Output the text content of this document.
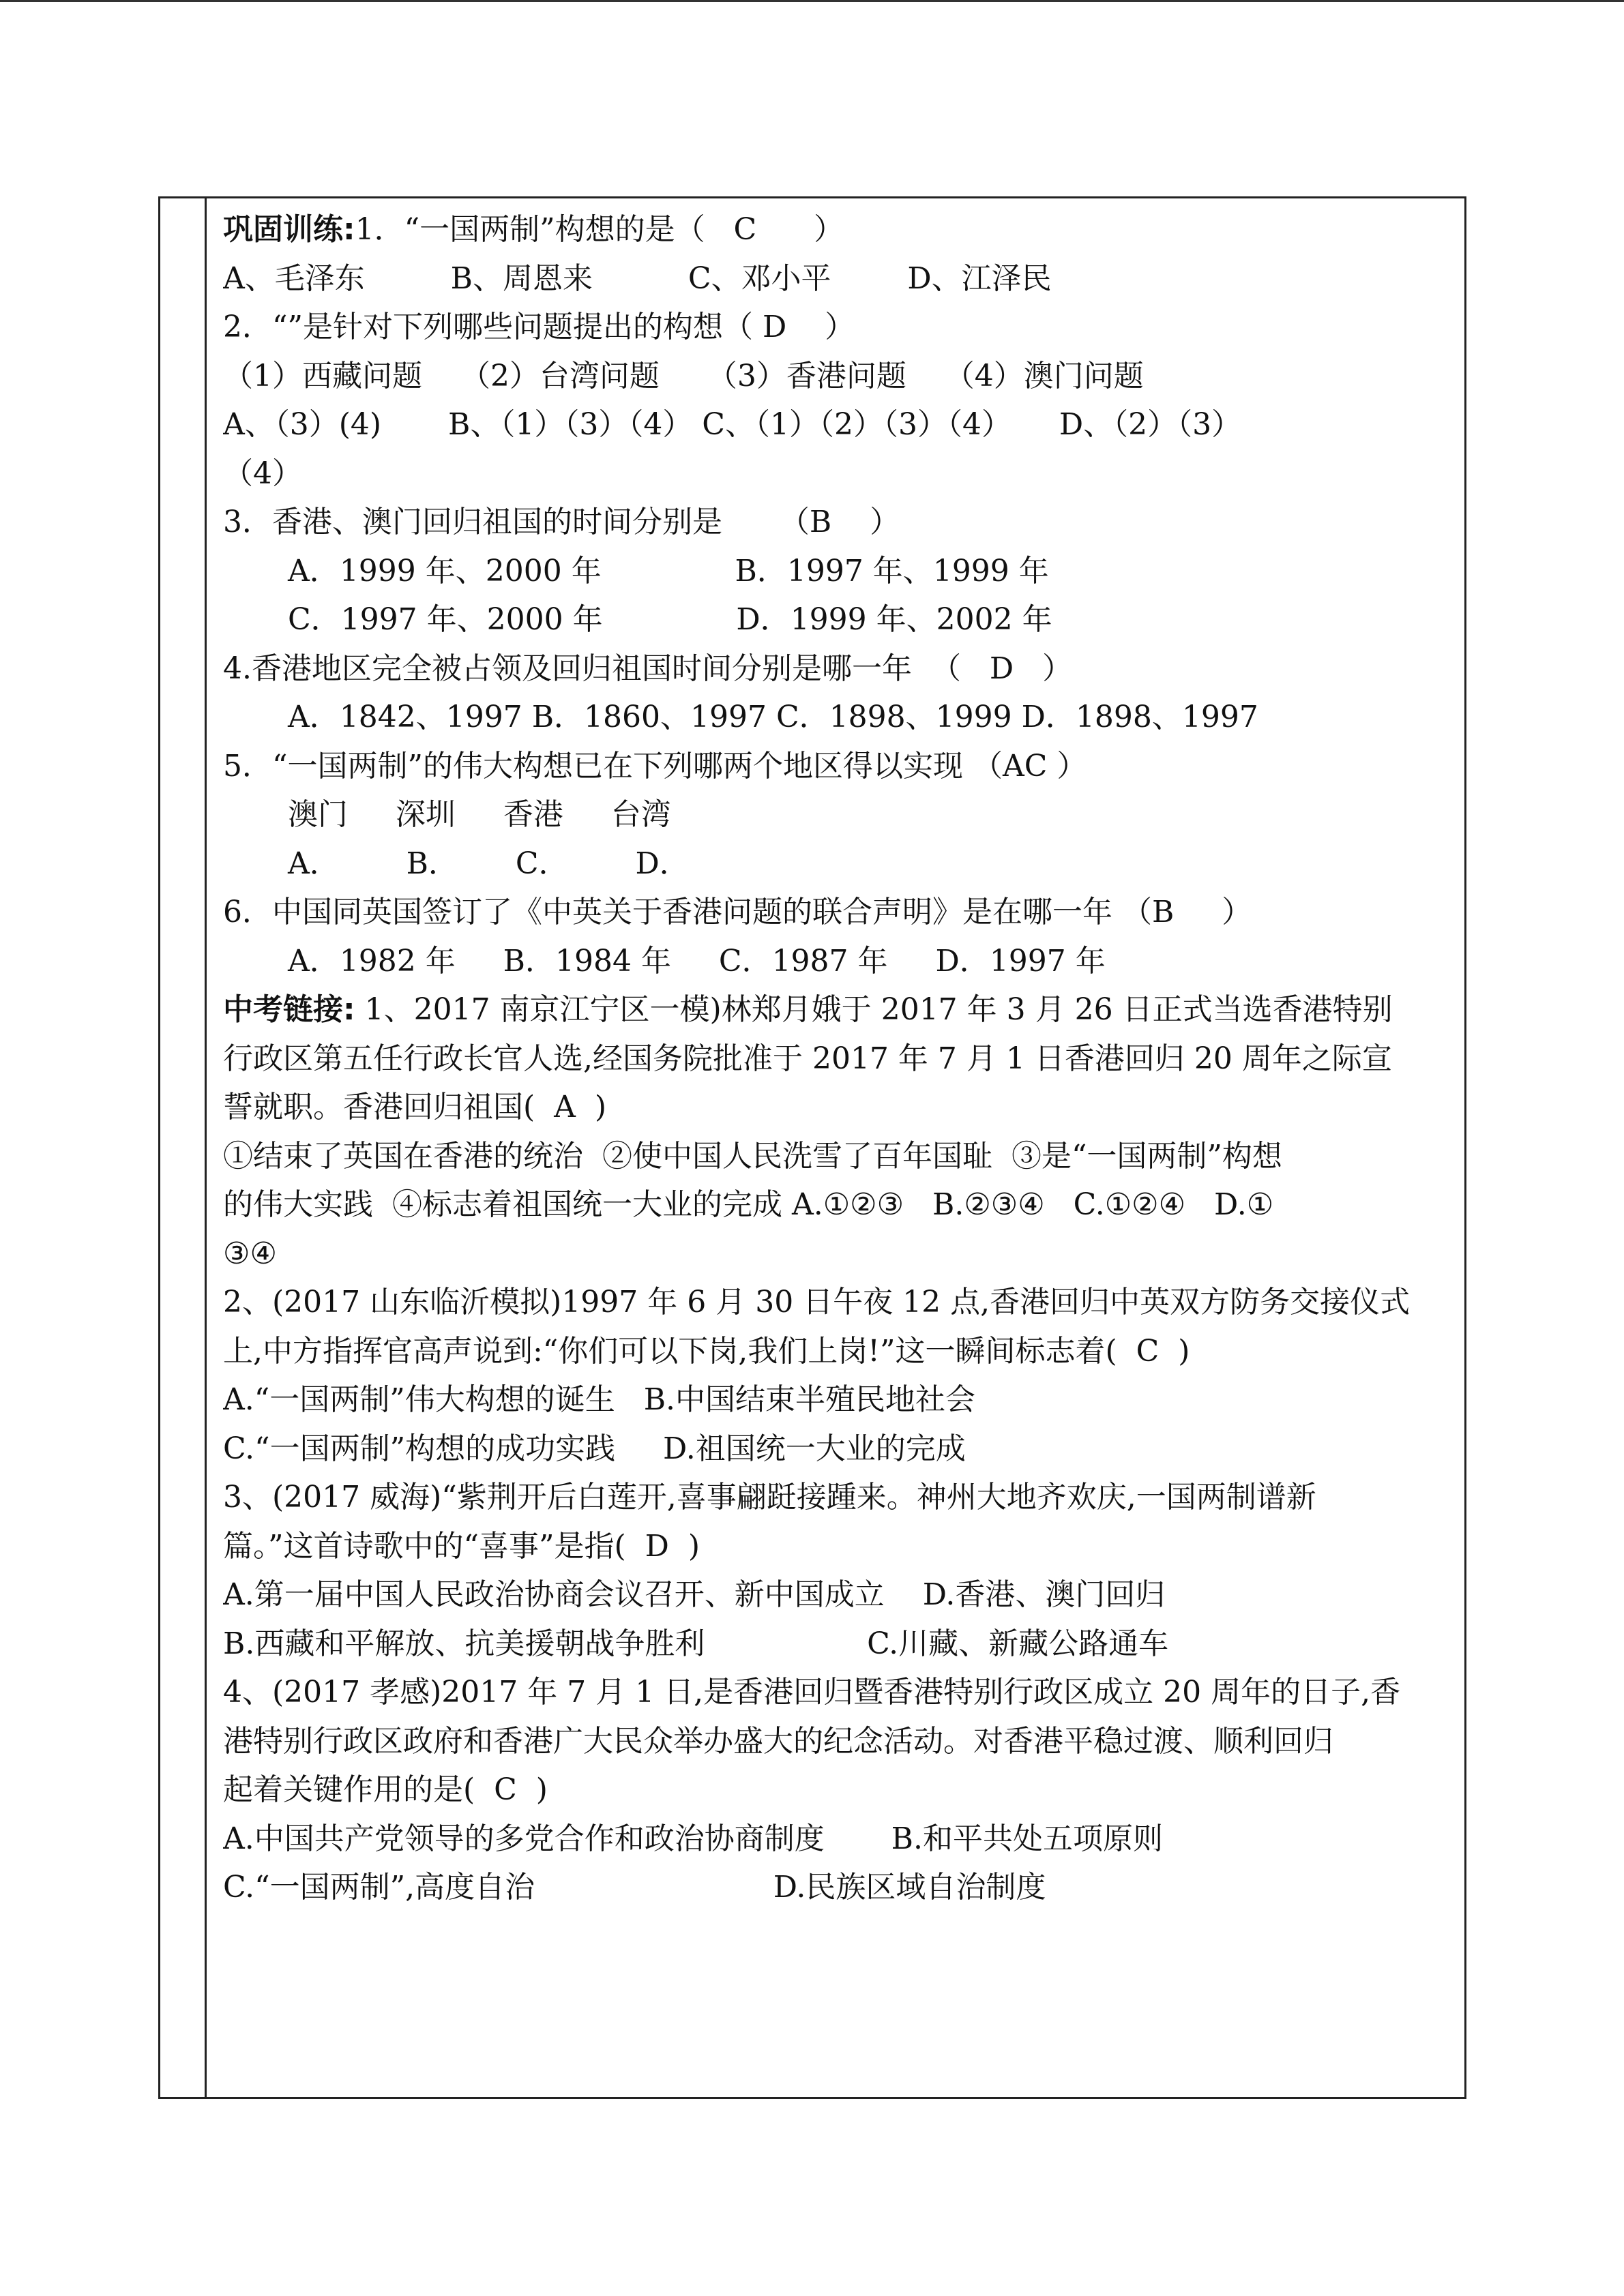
巩固训练:1．“一国两制”构想的是（   C      ）
A、毛泽东         B、周恩来          C、邓小平        D、江泽民
2．“”是针对下列哪些问题提出的构想（ D    ）
（1）西藏问题    （2）台湾问题     （3）香港问题    （4）澳门问题
A、（3）(4)       B、（1）（3）（4） C、（1）（2）（3）（4）     D、（2）（3）
（4）
3．香港、澳门回归祖国的时间分别是      （B    ）
A．1999 年、2000 年              B．1997 年、1999 年
C．1997 年、2000 年              D．1999 年、2002 年
4.香港地区完全被占领及回归祖国时间分别是哪一年  （   D   ）
A．1842、1997 B．1860、1997 C．1898、1999 D．1898、1997
5．“一国两制”的伟大构想已在下列哪两个地区得以实现 （AC ）
澳门     深圳     香港     台湾
A．       B．      C．       D．
6．中国同英国签订了《中英关于香港问题的联合声明》是在哪一年 （B     ）
A．1982 年     B．1984 年     C．1987 年     D．1997 年
中考链接: 1、2017 南京江宁区一模)林郑月娥于 2017 年 3 月 26 日正式当选香港特别
行政区第五任行政长官人选,经国务院批准于 2017 年 7 月 1 日香港回归 20 周年之际宣
誓就职。香港回归祖国(  A  )
①结束了英国在香港的统治  ②使中国人民洗雪了百年国耻  ③是“一国两制”构想
的伟大实践  ④标志着祖国统一大业的完成 A.①②③   B.②③④   C.①②④   D.①
③④
2、(2017 山东临沂模拟)1997 年 6 月 30 日午夜 12 点,香港回归中英双方防务交接仪式
上,中方指挥官高声说到:“你们可以下岗,我们上岗!”这一瞬间标志着(  C  )
A.“一国两制”伟大构想的诞生   B.中国结束半殖民地社会
C.“一国两制”构想的成功实践     D.祖国统一大业的完成
3、(2017 威海)“紫荆开后白莲开,喜事翩跹接踵来。神州大地齐欢庆,一国两制谱新
篇。”这首诗歌中的“喜事”是指(  D  )
A.第一届中国人民政治协商会议召开、新中国成立    D.香港、澳门回归
B.西藏和平解放、抗美援朝战争胜利                 C.川藏、新藏公路通车
4、(2017 孝感)2017 年 7 月 1 日,是香港回归暨香港特别行政区成立 20 周年的日子,香
港特别行政区政府和香港广大民众举办盛大的纪念活动。对香港平稳过渡、顺利回归
起着关键作用的是(  C  )
A.中国共产党领导的多党合作和政治协商制度       B.和平共处五项原则
C.“一国两制”,高度自治                         D.民族区域自治制度
